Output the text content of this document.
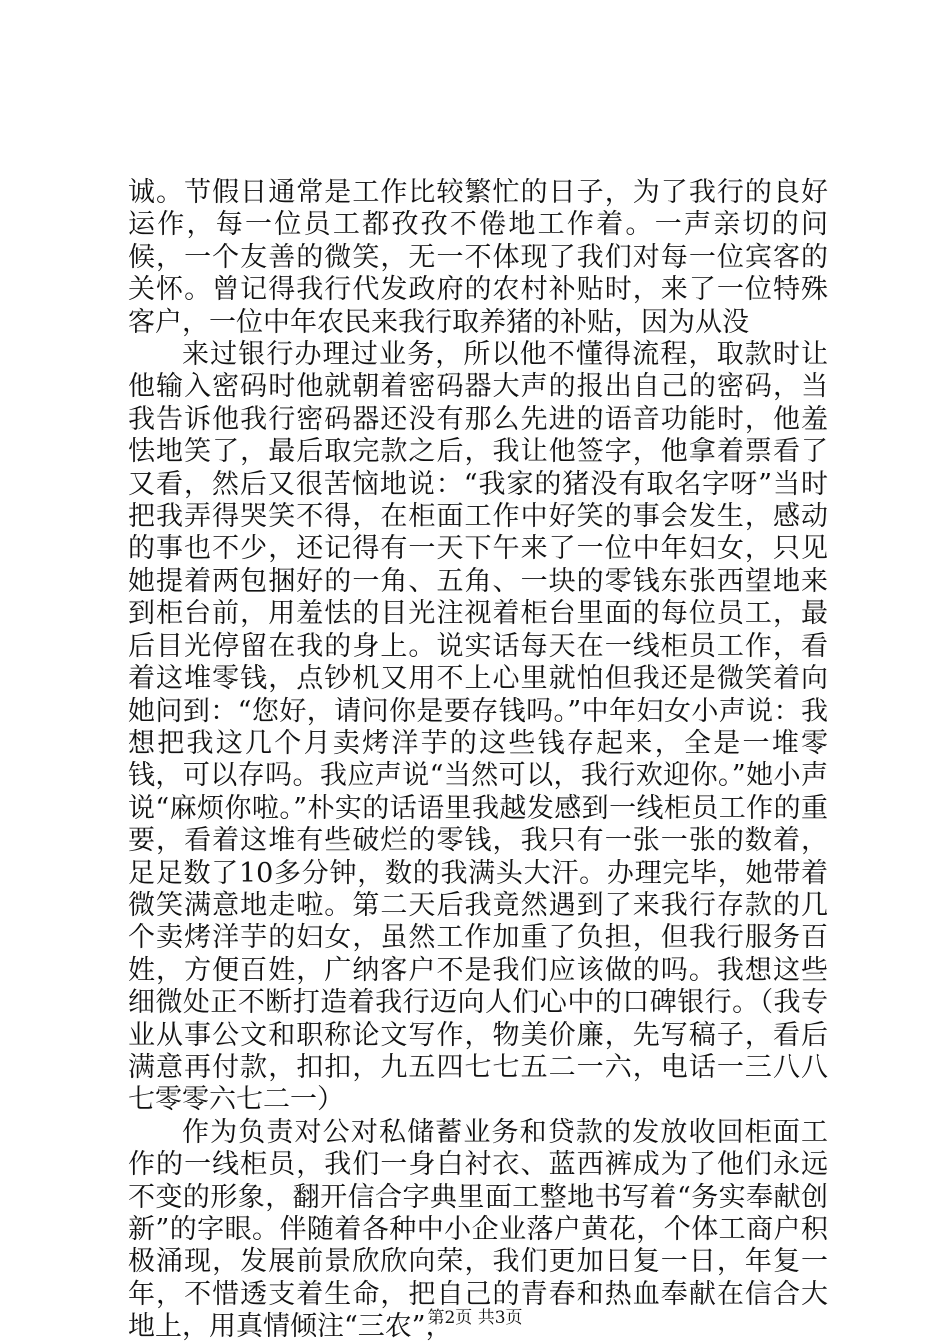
诚。节假日通常是工作比较繁忙的日子，为了我行的良好运作，每一位员工都孜孜不倦地工作着。一声亲切的问候，一个友善的微笑，无一不体现了我们对每一位宾客的关怀。曾记得我行代发政府的农村补贴时，来了一位特殊客户，一位中年农民来我行取养猪的补贴，因为从没

来过银行办理过业务，所以他不懂得流程，取款时让他输入密码时他就朝着密码器大声的报出自己的密码，当我告诉他我行密码器还没有那么先进的语音功能时，他羞怯地笑了，最后取完款之后，我让他签字，他拿着票看了又看，然后又很苦恼地说：“我家的猪没有取名字呀”当时把我弄得哭笑不得，在柜面工作中好笑的事会发生，感动的事也不少，还记得有一天下午来了一位中年妇女，只见她提着两包捆好的一角、五角、一块的零钱东张西望地来到柜台前，用羞怯的目光注视着柜台里面的每位员工，最后目光停留在我的身上。说实话每天在一线柜员工作，看着这堆零钱，点钞机又用不上心里就怕但我还是微笑着向她问到：“您好，请问你是要存钱吗。”中年妇女小声说：我想把我这几个月卖烤洋芋的这些钱存起来，全是一堆零钱，可以存吗。我应声说“当然可以，我行欢迎你。”她小声说“麻烦你啦。”朴实的话语里我越发感到一线柜员工作的重要，看着这堆有些破烂的零钱，我只有一张一张的数着，足足数了10多分钟，数的我满头大汗。办理完毕，她带着微笑满意地走啦。第二天后我竟然遇到了来我行存款的几个卖烤洋芋的妇女，虽然工作加重了负担，但我行服务百姓，方便百姓，广纳客户不是我们应该做的吗。我想这些细微处正不断打造着我行迈向人们心中的口碑银行。（我专业从事公文和职称论文写作，物美价廉，先写稿子，看后满意再付款，扣扣，九五四七七五二一六，电话一三八八七零零六七二一）

作为负责对公对私储蓄业务和贷款的发放收回柜面工作的一线柜员，我们一身白衬衣、蓝西裤成为了他们永远不变的形象，翻开信合字典里面工整地书写着“务实奉献创新”的字眼。伴随着各种中小企业落户黄花，个体工商户积极涌现，发展前景欣欣向荣，我们更加日复一日，年复一年，不惜透支着生命，把自己的青春和热血奉献在信合大地上，用真情倾注“三农”，

第2页 共3页
